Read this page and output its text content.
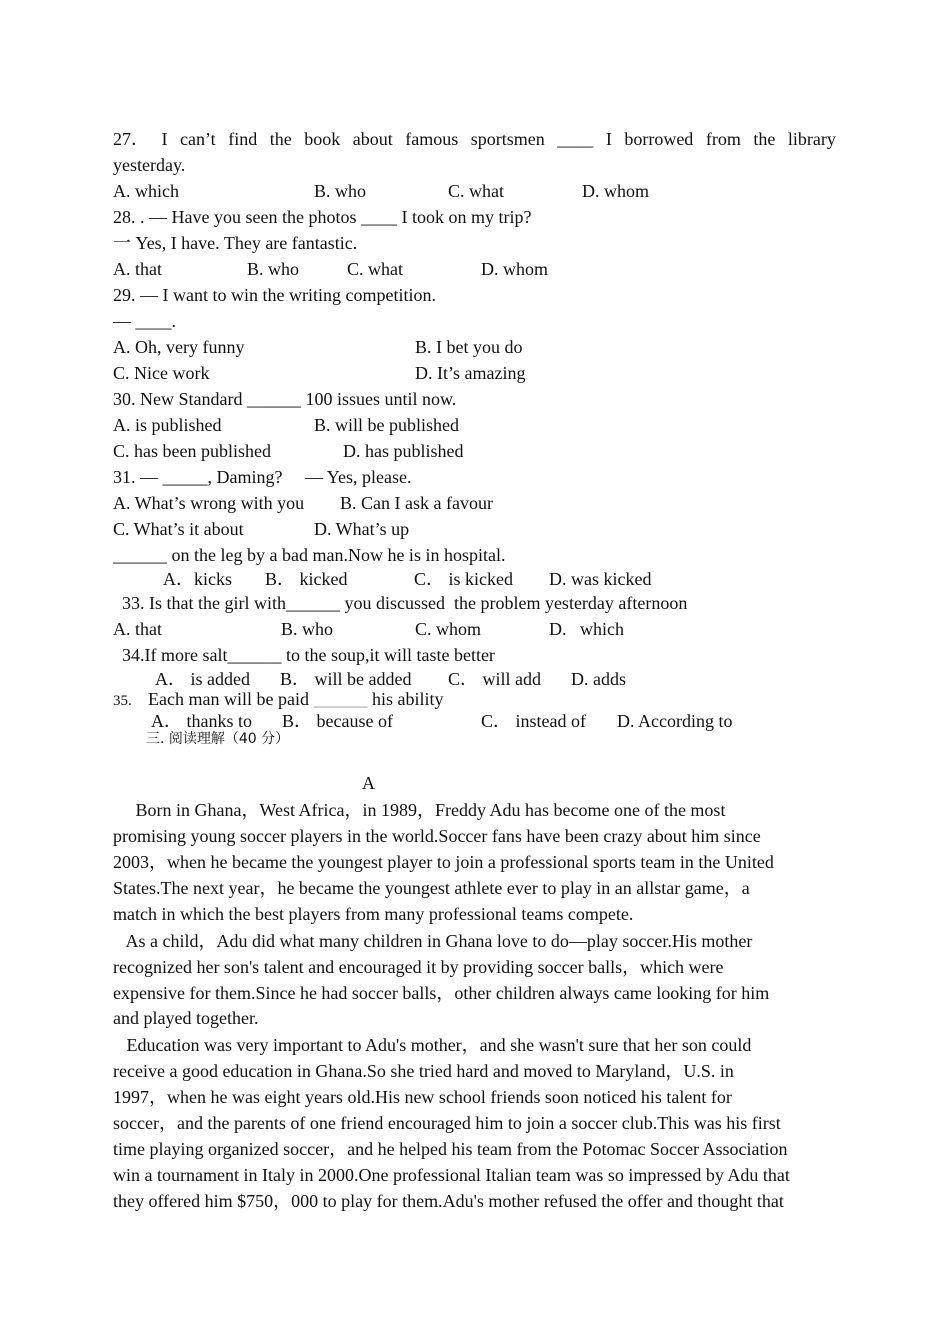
27． I can’t find the book about famous sportsmen ____ I borrowed from the library
yesterday.
A. which	B. who	C. what	D. whom
28. . — Have you seen the photos ____ I took on my trip?
一 Yes, I have. They are fantastic.
A. that	B. who	C. what	D. whom
29. — I want to win the writing competition.
— ____.
A. Oh, very funny	B. I bet you do
C. Nice work	D. It’s amazing
30. New Standard ______ 100 issues until now.
A. is published	B. will be published
C. has been published	D. has published
31. — _____, Daming?     — Yes, please.
A. What’s wrong with you B. Can I ask a favour
C. What’s it about	D. What’s up
______ on the leg by a bad man.Now he is in hospital.
A．kicks B． kicked	C． is kicked D. was kicked
33. Is that the girl with______ you discussed  the problem yesterday afternoon
A. that	B. who	C. whom	D.   which
34.If more salt______ to the soup,it will taste better
A． is added B． will be added C． will add D. adds
35. Each man will be paid ______ his ability
A． thanks to B． because of	C． instead of D. According to
三. 阅读理解（40 分）
A
Born in Ghana，West Africa，in 1989，Freddy Adu has become one of the most
promising young soccer players in the world.Soccer fans have been crazy about him since
2003，when he became the youngest player to join a professional sports team in the United
States.The next year，he became the youngest athlete ever to play in an allstar game，a
match in which the best players from many professional teams compete.
As a child，Adu did what many children in Ghana love to do—play soccer.His mother
recognized her son's talent and encouraged it by providing soccer balls，which were
expensive for them.Since he had soccer balls，other children always came looking for him
and played together.
Education was very important to Adu's mother，and she wasn't sure that her son could
receive a good education in Ghana.So she tried hard and moved to Maryland，U.S. in
1997，when he was eight years old.His new school friends soon noticed his talent for
soccer，and the parents of one friend encouraged him to join a soccer club.This was his first
time playing organized soccer，and he helped his team from the Potomac Soccer Association
win a tournament in Italy in 2000.One professional Italian team was so impressed by Adu that
they offered him $750，000 to play for them.Adu's mother refused the offer and thought that
